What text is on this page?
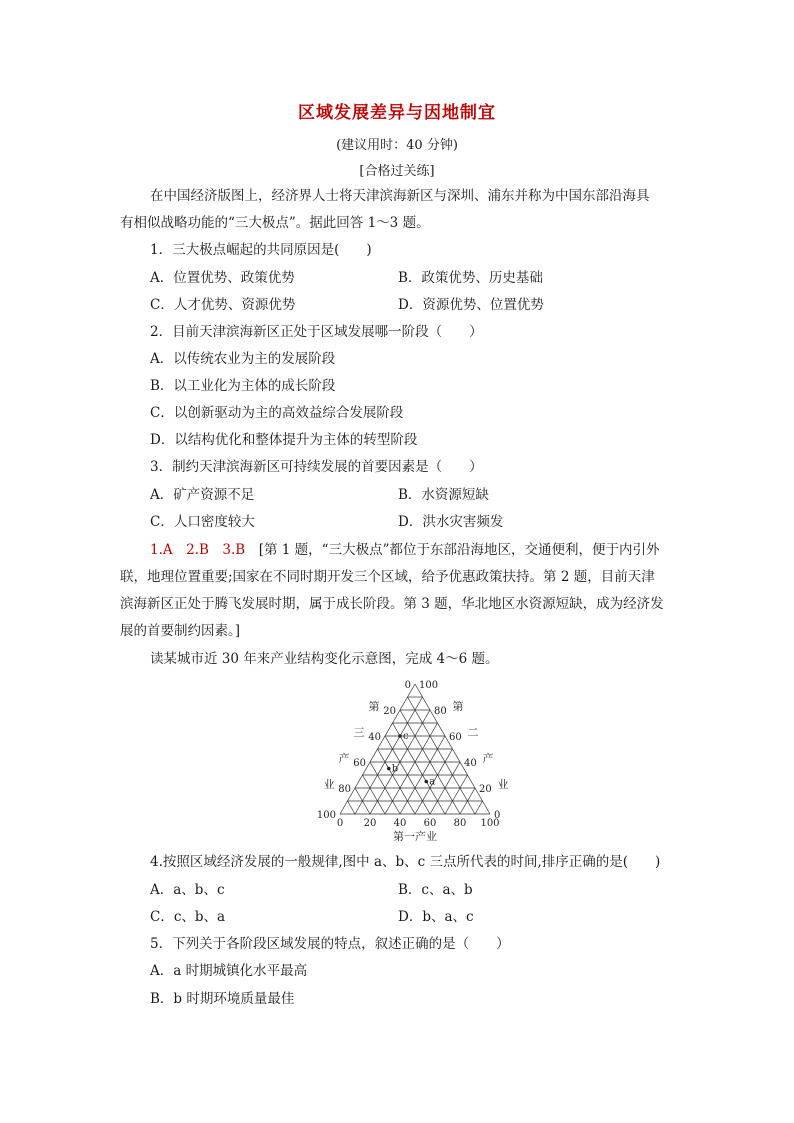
区域发展差异与因地制宜
(建议用时：40 分钟)
[合格过关练]
在中国经济版图上，经济界人士将天津滨海新区与深圳、浦东并称为中国东部沿海具
有相似战略功能的“三大极点”。据此回答 1～3 题。
1．三大极点崛起的共同原因是(　　)
A．位置优势、政策优势	B．政策优势、历史基础
C．人才优势、资源优势	D．资源优势、位置优势
2．目前天津滨海新区正处于区域发展哪一阶段（　　）
A．以传统农业为主的发展阶段
B．以工业化为主体的成长阶段
C．以创新驱动为主的高效益综合发展阶段
D．以结构优化和整体提升为主体的转型阶段
3．制约天津滨海新区可持续发展的首要因素是（　　）
A．矿产资源不足	B．水资源短缺
C．人口密度较大	D．洪水灾害频发
1.A　2.B　3.B　[第 1 题，“三大极点”都位于东部沿海地区，交通便利，便于内引外
联，地理位置重要;国家在不同时期开发三个区域，给予优惠政策扶持。第 2 题，目前天津
滨海新区正处于腾飞发展时期，属于成长阶段。第 3 题，华北地区水资源短缺，成为经济发
展的首要制约因素。]
读某城市近 30 年来产业结构变化示意图，完成 4～6 题。
0
20
40
60
80
100
100
80
60
40
20
0
0 20 40 60 80 100
第
三
产
业
第
二
产
业
第一产业
b
c
a
4.按照区域经济发展的一般规律,图中 a、b、c 三点所代表的时间,排序正确的是(　　)
A．a、b、c	B．c、a、b
C．c、b、a	D．b、a、c
5．下列关于各阶段区域发展的特点，叙述正确的是（　　）
A．a 时期城镇化水平最高
B．b 时期环境质量最佳
